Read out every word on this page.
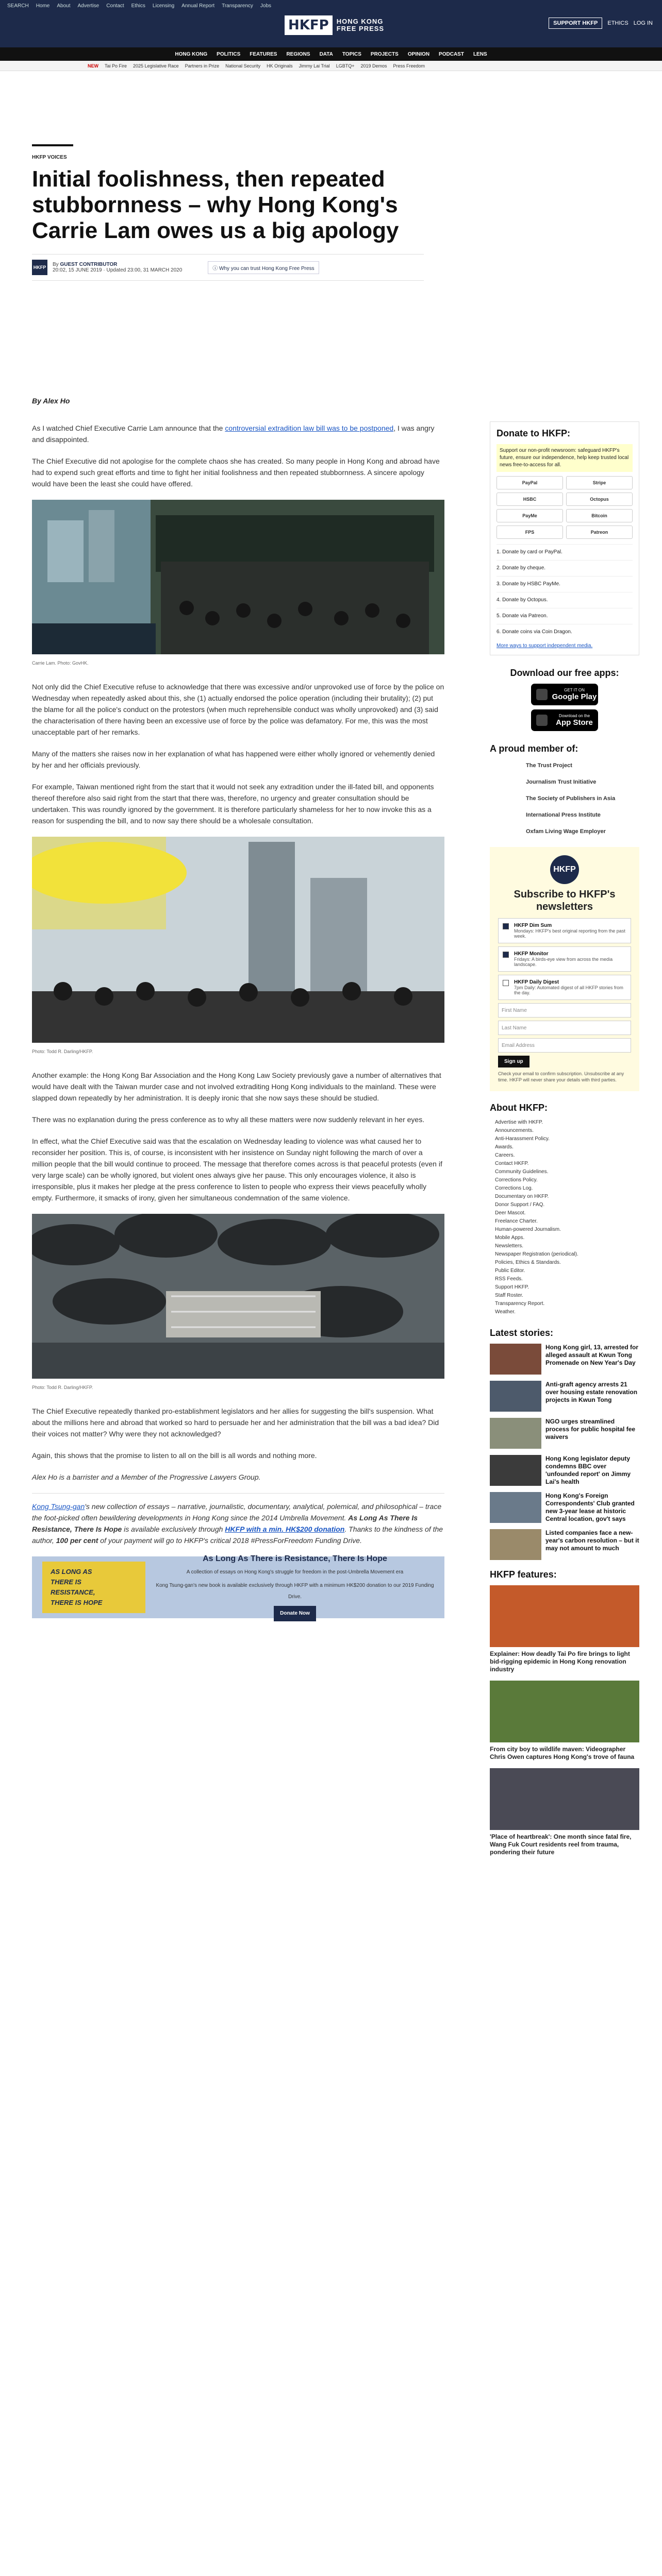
SEARCH Home About Advertise Contact Ethics Licensing Annual Report Transparency Jobs
HKFP	HONG KONG
FREE PRESS
SUPPORT HKFP	ETHICS LOG IN
HONG KONG POLITICS FEATURES REGIONS DATA TOPICS PROJECTS OPINION PODCAST LENS
NEW Tai Po Fire 2025 Legislative Race Partners in Prize National Security HK Originals Jimmy Lai Trial LGBTQ+ 2019 Demos Press Freedom
HKFP VOICES
Initial foolishness, then repeated stubbornness – why Hong Kong's Carrie Lam owes us a big apology
HKFP By GUEST CONTRIBUTOR
20:02, 15 JUNE 2019 · Updated 23:00, 31 MARCH 2020	ⓘ Why you can trust Hong Kong Free Press
By Alex Ho

As I watched Chief Executive Carrie Lam announce that the controversial extradition law bill was to be postponed, I was angry and disappointed.

The Chief Executive did not apologise for the complete chaos she has created. So many people in Hong Kong and abroad have had to expend such great efforts and time to fight her initial foolishness and then repeated stubbornness. A sincere apology would have been the least she could have offered.

Carrie Lam. Photo: GovHK.

Not only did the Chief Executive refuse to acknowledge that there was excessive and/or unprovoked use of force by the police on Wednesday when repeatedly asked about this, she (1) actually endorsed the police operation (including their brutality); (2) put the blame for all the police's conduct on the protestors (when much reprehensible conduct was wholly unprovoked) and (3) said the characterisation of there having been an excessive use of force by the police was defamatory. For me, this was the most unacceptable part of her remarks.

Many of the matters she raises now in her explanation of what has happened were either wholly ignored or vehemently denied by her and her officials previously.

For example, Taiwan mentioned right from the start that it would not seek any extradition under the ill-fated bill, and opponents thereof therefore also said right from the start that there was, therefore, no urgency and greater consultation should be undertaken. This was roundly ignored by the government. It is therefore particularly shameless for her to now invoke this as a reason for suspending the bill, and to now say there should be a wholesale consultation.

Photo: Todd R. Darling/HKFP.

Another example: the Hong Kong Bar Association and the Hong Kong Law Society previously gave a number of alternatives that would have dealt with the Taiwan murder case and not involved extraditing Hong Kong individuals to the mainland. These were slapped down repeatedly by her administration. It is deeply ironic that she now says these should be studied.

There was no explanation during the press conference as to why all these matters were now suddenly relevant in her eyes.

In effect, what the Chief Executive said was that the escalation on Wednesday leading to violence was what caused her to reconsider her position. This is, of course, is inconsistent with her insistence on Sunday night following the march of over a million people that the bill would continue to proceed. The message that therefore comes across is that peaceful protests (even if very large scale) can be wholly ignored, but violent ones always give her pause. This only encourages violence, it also is irresponsible, plus it makes her pledge at the press conference to listen to people who express their views peacefully wholly empty. Furthermore, it smacks of irony, given her simultaneous condemnation of the same violence.

Photo: Todd R. Darling/HKFP.

The Chief Executive repeatedly thanked pro-establishment legislators and her allies for suggesting the bill's suspension. What about the millions here and abroad that worked so hard to persuade her and her administration that the bill was a bad idea? Did their voices not matter? Why were they not acknowledged?

Again, this shows that the promise to listen to all on the bill is all words and nothing more.

Alex Ho is a barrister and a Member of the Progressive Lawyers Group.

Kong Tsung-gan's new collection of essays – narrative, journalistic, documentary, analytical, polemical, and philosophical – trace the foot-picked often bewildering developments in Hong Kong since the 2014 Umbrella Movement. As Long As There Is Resistance, There Is Hope is available exclusively through HKFP with a min. HK$200 donation. Thanks to the kindness of the author, 100 per cent of your payment will go to HKFP's critical 2018 #PressForFreedom Funding Drive.

AS LONG AS
THERE IS
RESISTANCE,
THERE IS HOPE
As Long As There is Resistance, There Is Hope
A collection of essays on Hong Kong's struggle for freedom in the post-Umbrella Movement era
Kong Tsung-gan's new book is available exclusively through HKFP with a minimum HK$200 donation to our 2019 Funding Drive.
Donate Now
Donate to HKFP:
Support our non-profit newsroom: safeguard HKFP's future, ensure our independence, help keep trusted local news free-to-access for all.
PayPal	Stripe
HSBC	Octopus
PayMe	Bitcoin
FPS	Patreon
1. Donate by card or PayPal.
2. Donate by cheque.
3. Donate by HSBC PayMe.
4. Donate by Octopus.
5. Donate via Patreon.
6. Donate coins via Coin Dragon.
More ways to support independent media.
Download our free apps:
GET IT ON
Google Play
Download on the
App Store
A proud member of:
The Trust Project
Journalism Trust Initiative
The Society of Publishers in Asia
International Press Institute
Oxfam Living Wage Employer
HKFP
Subscribe to HKFP's newsletters
HKFP Dim Sum
Mondays: HKFP's best original reporting from the past week.
HKFP Monitor
Fridays: A birds-eye view from across the media landscape.
HKFP Daily Digest
7pm Daily: Automated digest of all HKFP stories from the day.
First Name
Last Name
Email Address
Sign up
Check your email to confirm subscription. Unsubscribe at any time. HKFP will never share your details with third parties.
About HKFP:
Advertise with HKFP.
Announcements.
Anti-Harassment Policy.
Awards.
Careers.
Contact HKFP.
Community Guidelines.
Corrections Policy.
Corrections Log.
Documentary on HKFP.
Donor Support / FAQ.
Deer Mascot.
Freelance Charter.
Human-powered Journalism.
Mobile Apps.
Newsletters.
Newspaper Registration (periodical).
Policies, Ethics & Standards.
Public Editor.
RSS Feeds.
Support HKFP.
Staff Roster.
Transparency Report.
Weather.
Latest stories:
Hong Kong girl, 13, arrested for alleged assault at Kwun Tong Promenade on New Year's Day
Anti-graft agency arrests 21 over housing estate renovation projects in Kwun Tong
NGO urges streamlined process for public hospital fee waivers
Hong Kong legislator deputy condemns BBC over 'unfounded report' on Jimmy Lai's health
Hong Kong's Foreign Correspondents' Club granted new 3-year lease at historic Central location, gov't says
Listed companies face a new-year's carbon resolution – but it may not amount to much
HKFP features:
Explainer: How deadly Tai Po fire brings to light bid-rigging epidemic in Hong Kong renovation industry
From city boy to wildlife maven: Videographer Chris Owen captures Hong Kong's trove of fauna
'Place of heartbreak': One month since fatal fire, Wang Fuk Court residents reel from trauma, pondering their future
